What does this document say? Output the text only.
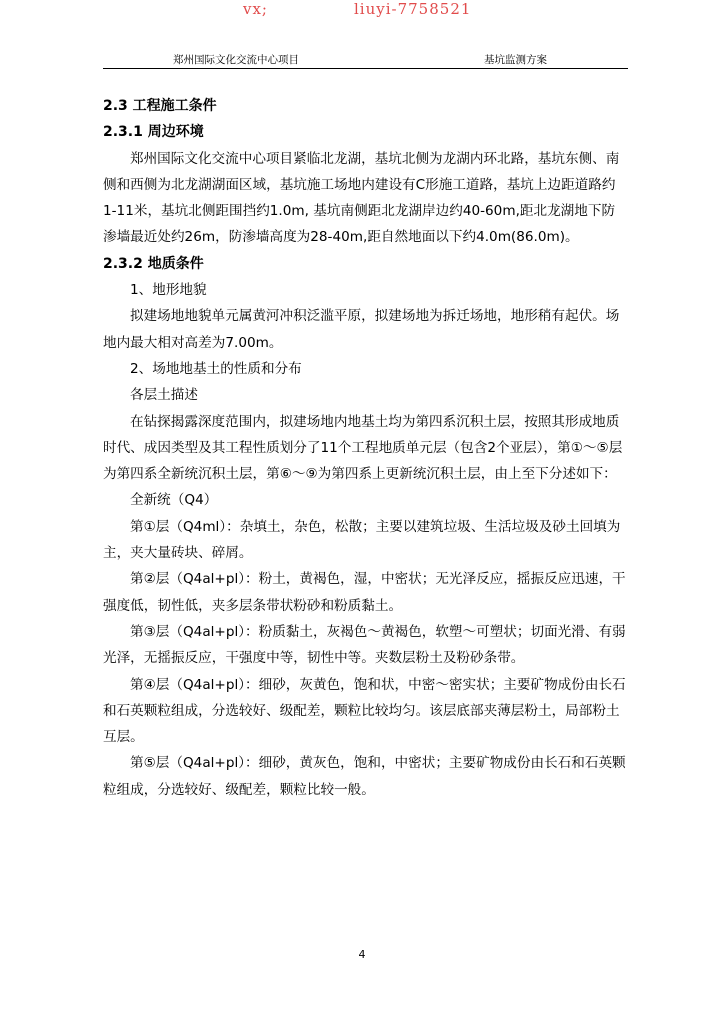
vx;	liuyi-7758521
郑州国际文化交流中心项目	基坑监测方案

2.3 工程施工条件

2.3.1 周边环境

郑州国际文化交流中心项目紧临北龙湖，基坑北侧为龙湖内环北路，基坑东侧、南侧和西侧为北龙湖湖面区域，基坑施工场地内建设有C形施工道路，基坑上边距道路约1-11米，基坑北侧距围挡约1.0m, 基坑南侧距北龙湖岸边约40-60m,距北龙湖地下防渗墙最近处约26m，防渗墙高度为28-40m,距自然地面以下约4.0m(86.0m)。

2.3.2 地质条件

1、地形地貌

拟建场地地貌单元属黄河冲积泛滥平原，拟建场地为拆迁场地，地形稍有起伏。场地内最大相对高差为7.00m。

2、场地地基土的性质和分布

各层土描述

在钻探揭露深度范围内，拟建场地内地基土均为第四系沉积土层，按照其形成地质时代、成因类型及其工程性质划分了11个工程地质单元层（包含2个亚层），第①～⑤层为第四系全新统沉积土层，第⑥～⑨为第四系上更新统沉积土层，由上至下分述如下：

全新统（Q4）

第①层（Q4ml）：杂填土，杂色，松散；主要以建筑垃圾、生活垃圾及砂土回填为主，夹大量砖块、碎屑。

第②层（Q4al+pl）：粉土，黄褐色，湿，中密状；无光泽反应，摇振反应迅速，干强度低，韧性低，夹多层条带状粉砂和粉质黏土。

第③层（Q4al+pl）：粉质黏土，灰褐色～黄褐色，软塑～可塑状；切面光滑、有弱光泽，无摇振反应，干强度中等，韧性中等。夹数层粉土及粉砂条带。

第④层（Q4al+pl）：细砂，灰黄色，饱和状，中密～密实状；主要矿物成份由长石和石英颗粒组成，分选较好、级配差，颗粒比较均匀。该层底部夹薄层粉土，局部粉土互层。

第⑤层（Q4al+pl）：细砂，黄灰色，饱和，中密状；主要矿物成份由长石和石英颗粒组成，分选较好、级配差，颗粒比较一般。

4
